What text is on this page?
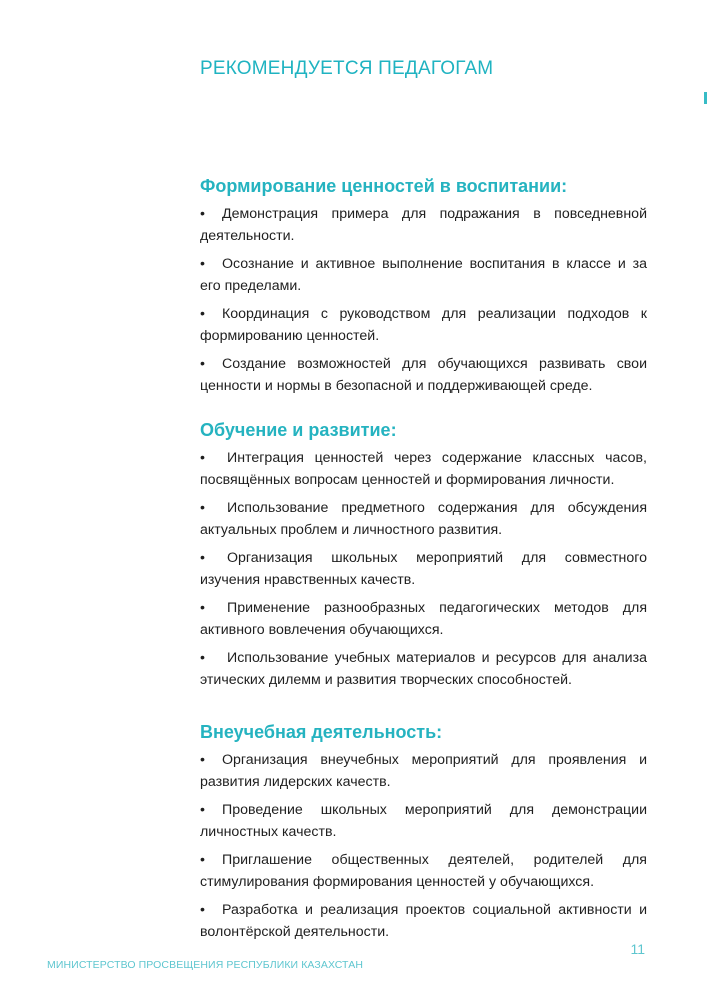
РЕКОМЕНДУЕТСЯ ПЕДАГОГАМ
Формирование ценностей в воспитании:
• Демонстрация примера для подражания в повседневной деятельности.
• Осознание и активное выполнение воспитания в классе и за его пределами.
• Координация с руководством для реализации подходов к формированию ценностей.
• Создание возможностей для обучающихся развивать свои ценности и нормы в безопасной и поддерживающей среде.
Обучение и развитие:
• Интеграция ценностей через содержание классных часов, посвящённых вопросам ценностей и формирования личности.
• Использование предметного содержания для обсуждения актуальных проблем и личностного развития.
• Организация школьных мероприятий для совместного изучения нравственных качеств.
• Применение разнообразных педагогических методов для активного вовлечения обучающихся.
• Использование учебных материалов и ресурсов для анализа этических дилемм и развития творческих способностей.
Внеучебная деятельность:
• Организация внеучебных мероприятий для проявления и развития лидерских качеств.
• Проведение школьных мероприятий для демонстрации личностных качеств.
• Приглашение общественных деятелей, родителей для стимулирования формирования ценностей у обучающихся.
• Разработка и реализация проектов социальной активности и волонтёрской деятельности.
11
МИНИСТЕРСТВО ПРОСВЕЩЕНИЯ РЕСПУБЛИКИ КАЗАХСТАН
